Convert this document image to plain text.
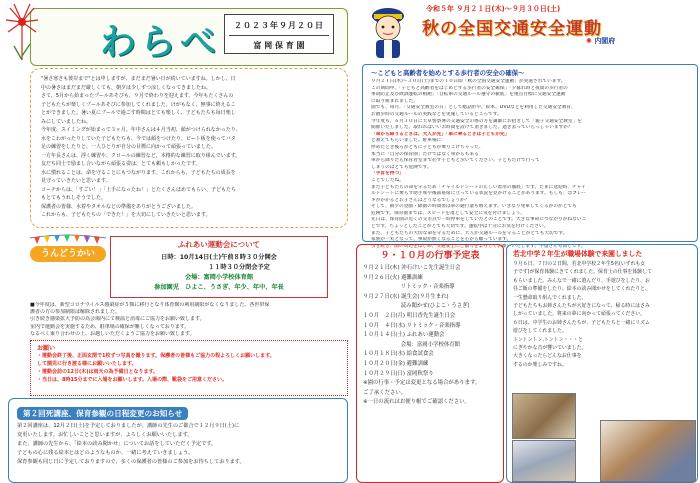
わらべ	２０２３年９月２０日
富 岡 保 育 園
"暑さ寒さも彼岸まで"とは申しますが、まだまだ暑い日が続いていますね。しかし、日
中の暑さはまだまだ厳しくても、朝夕は少しずつ涼しくなってきましたね。
さて、5月から始まったプールあそびも、９月で終わりを迎えます。今年もたくさんの
子どもたちが楽しくプールあそびに参加してくれました。けがもなく、無事に終えるこ
とができました。暑い夏にプールで過ごす時間はとても楽しく、子どもたちも毎日楽し
みにしていましたね。
今年度、スイミングが始まって３ヶ月。年中さんは４月当初、顔がつけられなかったり、
水をこわがったりしていた子どもたちも、今では顔をつけたり、ビート板を使ってバタ
足の練習をしたりと、一人ひとりが自分の目標に向かって頑張っていました。
一方年長さんは、浮く練習や、クロールの練習など、本格的な練習に取り組んでいます。
友だち同士で励まし合いながら頑張る姿は、とても頼もしかったです。
水に慣れることは、命を守ることにもつながります。これからも、子どもたちの成長を
見守っていきたいと思います。
コーチからは、「すごい！」「上手になったね！」とたくさんほめてもらい、子どもたち
もとてもうれしそうでした。
保護者の皆様、水着やタオルなどの準備をありがとうございました。
これからも、子どもたちの「できた！」を大切にしていきたいと思います。
うんどうかい
ふれあい運動会について
日時：10月14日(土)午前８時３０分開会
１１時３０分閉会予定
会場：富岡小学校体育館
参加園児 ひよこ、うさぎ、年少、年中、年長
■今年度は、新型コロナウイルス感染症が５類に移行となり体育館の利用制限がなくなりました。各世帯保
護者の方の参加制限は解除されました。
引き続き感染拡大予防の為会場内にて検温と消毒にご協力をお願い致します。
室内で運動会を実施するため、駐車場の確保が難しくなっております。
なるべく乗り合わせの上、お越しいただくようご協力をお願い致します。
お願い
・運動会終了後、正面玄関で1枚ずつ写真を撮ります。保護者の皆様もご協力の程よろしくお願いします。
して園児に行き渡る様にお願いいたします。
・運動会前の12日(木)は雨天の為予備日となります。
・当日は、8時15分までに入場をお願いします。入場の際、靴袋をご用意ください。
第２回死講座、保育参観の日程変更のお知らせ
第２回講座は、12月２日(土)を予定しておりましたが、講師の先生のご都合で１２月９日(土)に
変更いたします。お忙しいことと思いますが、よろしくお願いいたします。
また、講師の先生から、「絵本の読み聞かせ」についてお話をしていただく予定です。
子どもの心に残る絵本とはどのようなものか、一緒に考えていきましょう。
保育参観も同じ日に予定しておりますので、多くの保護者の皆様のご参加をお待ちしております。
令和５年 ９月２１日(木)～９月３０日(土)
秋の全国交通安全運動
✺ 内閣府
～こどもと高齢者を始めとする歩行者の安全の確保～
９月２１日(木)～３０日(土)までの１０日間「秋の全国交通安全運動」が実施されています。
この期間中、「子どもと高齢者をはじめとする歩行者の安全確保」「夕暮れ時と夜間の歩行者の
事故防止及び飲酒運転の根絶」「自転車の交通ルール遵守の徹底」を重点目標に交通安全運動
に取り組まれました。
園でも、毎月、「交通安全教室の日」として総話形や、絵本、DVDなどを利用した交通安全教育、
お散歩時の交通ルールの実践などを実施しているところです。
今年度も、６月１０日に天草警察署の交通安全の係の方を講師にお招きして「親子交通安全教室」を
開催いたしました。取れればいいお時間を設けて頂きました。過ぎ去っていらっしゃいますか？
「車から降りるときは、大人が先」「車に乗るときは子どもが先」
と教えてもらいました。駐車場に
停めたとき後ろがどもに子どもが乗りこけちゃった、
本当に「自分の保育園」だけではなく車からも来る
車から降りたら保育者室まで必ず子どもと歩いてください。子どもだけで行って
しまうのはとても危険です。
「手首を持つ」
ことでしたね。
また子どもたちの命を守るため「チャイルドシートの正しい着用の徹底」です。たまに送迎時、チャイ
ルドシートに乗らず助手席や後部座席に立っている状況を見かけることがあります。もしも、急ブレー
キがかかるとお子さんはどうなるでしょうか？
そして、朝夕の登園・降園の時間帯は車の通行量も増えます。いきなり発車してくるかのがとても
危険です。保育園までは、スピードを落として安全に気を付けましょう。
先日は、保育園の近くの交差点で一時停車をしていたとのことです。大きな事故につながりかねないこ
とです。ちょっとしたことがとても大切です。運転中は十分にお気を付けください。
また、子どもたちの大切な命を守るために、大人が交通ルールを守ることがとても大切です。
家族が一丸となって、事故が無くなることを心から願っています。
引き続き、園の周辺をはじめ、交通安全にご協力をよろしくお願いいたします。学童さんも同じです。
９・１０月の行事予定表
９月２１日(木) 沖石けいこ先生誕生日会
９月２６日(火) 避難訓練
　　　　　　　リトミック・音楽指導
９月２７日(水) 誕生会(９月生まれ)
　　　　　　　読み聞かせ(ひよこ・うさぎ)
１０月　２日(月) 明日香先生誕生日会
１０月　４日(水) リトミック・音楽指導
１０月１４日(土) ふれあい運動会
　　　　　　　会場：富岡小学校体育館
１０月１８日(水) 給食試食会
１０月２０日(金) 避難訓練
１０月２９日(日) 富岡秋祭り
※園の行事・予定は変更となる場合があります。
ご了承ください。
※一日の流れはお便り帳でご確認ください。
若北中学２年生が職場体験で来園しました
９月６日、７日の２日間、若北中学校２年生5名(いずれも女
子です)が保育体験にきてくれました。保育士の仕事を体験して
もらいました。みんなで一緒に遊んだり、手遊びをしたり、お
昼ご飯の準備をしたり、絵本の読み聞かせをしてくれたりと、
一生懸命取り組んでくれました。
子どもたちもお姉さんたちが大好きになって、帰る時にはさみ
しがっていました。将来の夢に向かって頑張ってください。
６日は、中学生のお姉さんたちが、子どもたちと一緒にリズム
遊びをしてくれました。
トントントン,トントン・・・と
にぎやかな音が響いていました。
大きくなったらどんなお仕事を
するのか楽しみですね。
